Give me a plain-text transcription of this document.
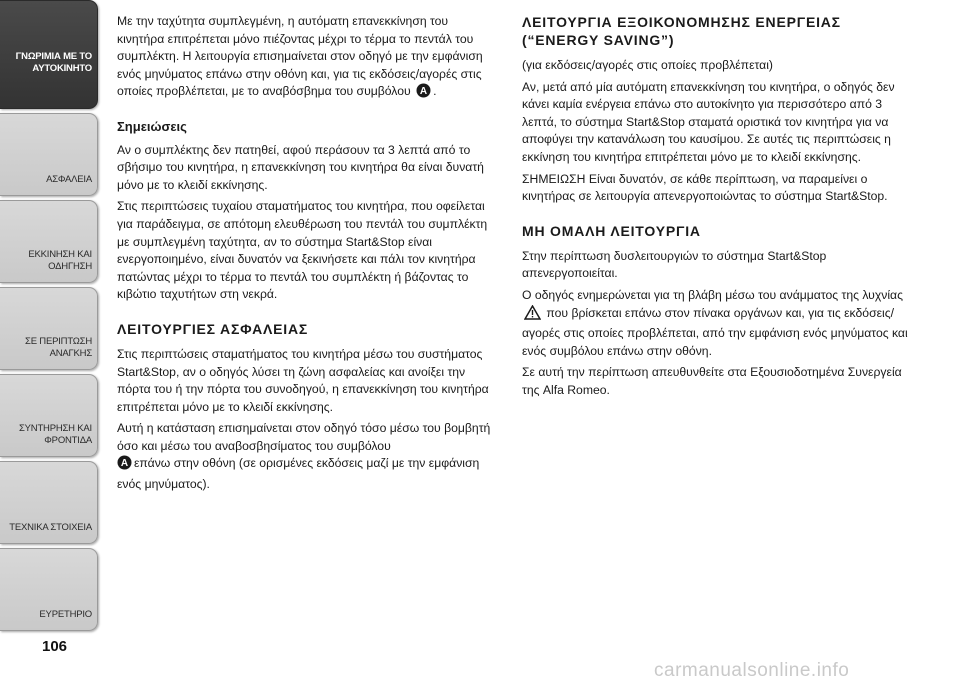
ΓΝΩΡΙΜΙΑ ΜΕ ΤΟ
ΑΥΤΟΚΙΝΗΤΟ
ΑΣΦΑΛΕΙΑ
ΕΚΚΙΝΗΣΗ ΚΑΙ
ΟΔΗΓΗΣΗ
ΣΕ ΠΕΡΙΠΤΩΣΗ
ΑΝΑΓΚΗΣ
ΣΥΝΤΗΡΗΣΗ ΚΑΙ
ΦΡΟΝΤΙΔΑ
ΤΕΧΝΙΚΑ ΣΤΟΙΧΕΙΑ
ΕΥΡΕΤΗΡΙΟ
106

Με την ταχύτητα συμπλεγμένη, η αυτόματη επανεκκίνηση του κινητήρα επιτρέπεται μόνο πιέζοντας μέχρι το τέρμα το πεντάλ του συμπλέκτη. Η λειτουργία επισημαίνεται στον οδηγό με την εμφάνιση ενός μηνύματος επάνω στην οθόνη και, για τις εκδόσεις/αγορές στις οποίες προβλέπεται, με το αναβόσβημα του συμβόλου A .

Σημειώσεις

Αν ο συμπλέκτης δεν πατηθεί, αφού περάσουν τα 3 λεπτά από το σβήσιμο του κινητήρα, η επανεκκίνηση του κινητήρα θα είναι δυνατή μόνο με το κλειδί εκκίνησης.

Στις περιπτώσεις τυχαίου σταματήματος του κινητήρα, που οφείλεται για παράδειγμα, σε απότομη ελευθέρωση του πεντάλ του συμπλέκτη με συμπλεγμένη ταχύτητα, αν το σύστημα Start&Stop είναι ενεργοποιημένο, είναι δυνατόν να ξεκινήσετε και πάλι τον κινητήρα πατώντας μέχρι το τέρμα το πεντάλ του συμπλέκτη ή βάζοντας το κιβώτιο ταχυτήτων στη νεκρά.

ΛΕΙΤΟΥΡΓΙΕΣ ΑΣΦΑΛΕΙΑΣ

Στις περιπτώσεις σταματήματος του κινητήρα μέσω του συστήματος Start&Stop, αν ο οδηγός λύσει τη ζώνη ασφαλείας και ανοίξει την πόρτα του ή την πόρτα του συνοδηγού, η επανεκκίνηση του κινητήρα επιτρέπεται μόνο με το κλειδί εκκίνησης.

Αυτή η κατάσταση επισημαίνεται στον οδηγό τόσο μέσω του βομβητή όσο και μέσω του αναβοσβησίματος του συμβόλου

A επάνω στην οθόνη (σε ορισμένες εκδόσεις μαζί με την εμφάνιση ενός μηνύματος).

ΛΕΙΤΟΥΡΓΙΑ ΕΞΟΙΚΟΝΟΜΗΣΗΣ ΕΝΕΡΓΕΙΑΣ (“ENERGY SAVING”)

(για εκδόσεις/αγορές στις οποίες προβλέπεται)

Αν, μετά από μία αυτόματη επανεκκίνηση του κινητήρα, ο οδηγός δεν κάνει καμία ενέργεια επάνω στο αυτοκίνητο για περισσότερο από 3 λεπτά, το σύστημα Start&Stop σταματά οριστικά τον κινητήρα για να αποφύγει την κατανάλωση του καυσίμου. Σε αυτές τις περιπτώσεις η εκκίνηση του κινητήρα επιτρέπεται μόνο με το κλειδί εκκίνησης.

ΣΗΜΕΙΩΣΗ Είναι δυνατόν, σε κάθε περίπτωση, να παραμείνει ο κινητήρας σε λειτουργία απενεργοποιώντας το σύστημα Start&Stop.

ΜΗ ΟΜΑΛΗ ΛΕΙΤΟΥΡΓΙΑ

Στην περίπτωση δυσλειτουργιών το σύστημα Start&Stop απενεργοποιείται.

Ο οδηγός ενημερώνεται για τη βλάβη μέσω του ανάμματος της λυχνίας  που βρίσκεται επάνω στον πίνακα οργάνων και, για τις εκδόσεις/αγορές στις οποίες προβλέπεται, από την εμφάνιση ενός μηνύματος και ενός συμβόλου επάνω στην οθόνη.

Σε αυτή την περίπτωση απευθυνθείτε στα Εξουσιοδοτημένα Συνεργεία της Alfa Romeo.

carmanualsonline.info
